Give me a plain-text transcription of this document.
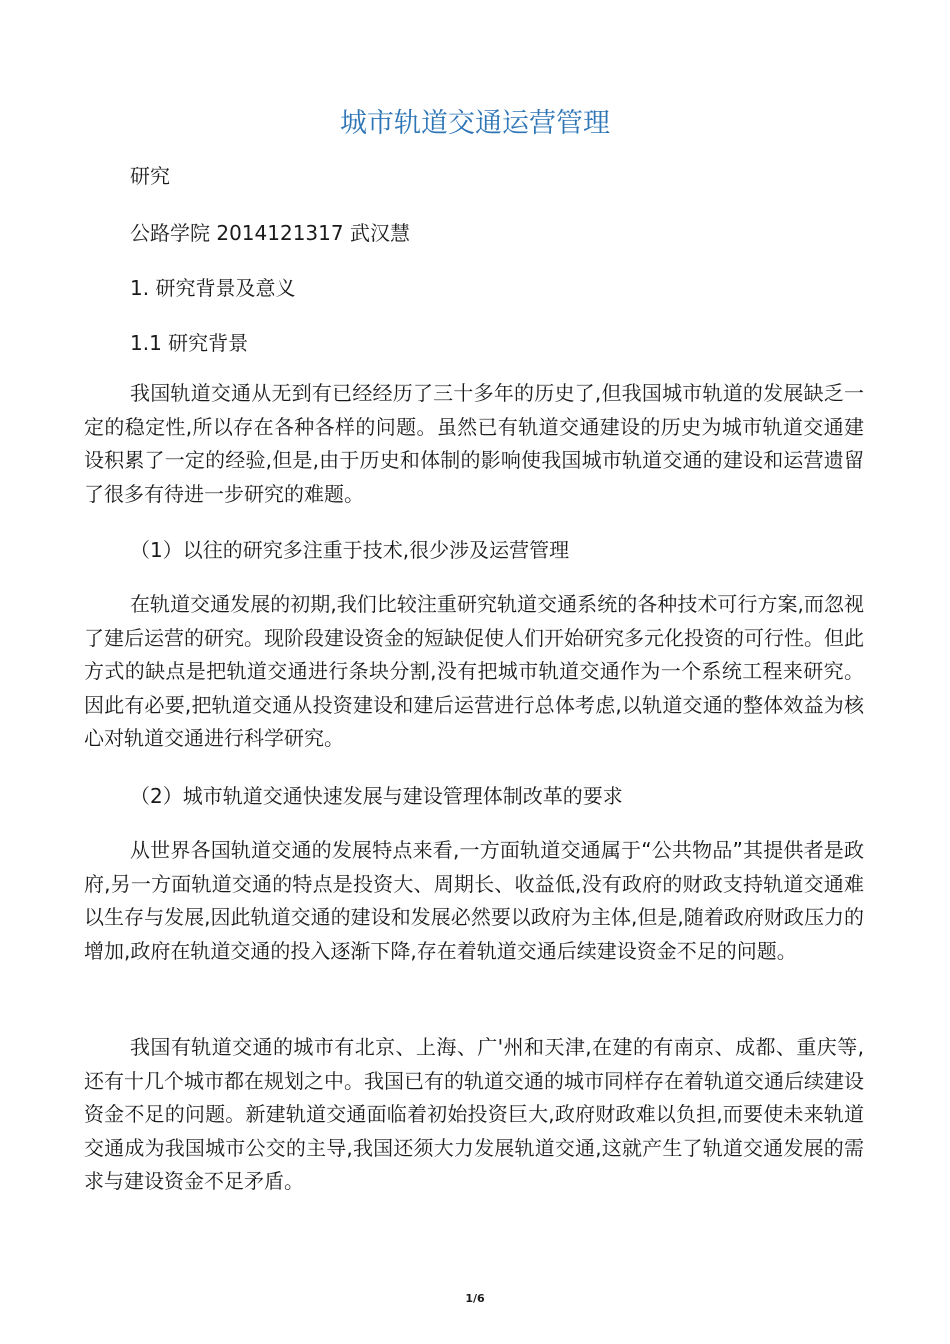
城市轨道交通运营管理

研究

公路学院 2014121317 武汉慧

1. 研究背景及意义

1.1 研究背景

我国轨道交通从无到有已经经历了三十多年的历史了,但我国城市轨道的发展缺乏一定的稳定性,所以存在各种各样的问题。虽然已有轨道交通建设的历史为城市轨道交通建设积累了一定的经验,但是,由于历史和体制的影响使我国城市轨道交通的建设和运营遗留了很多有待进一步研究的难题。

（1）以往的研究多注重于技术,很少涉及运营管理

在轨道交通发展的初期,我们比较注重研究轨道交通系统的各种技术可行方案,而忽视了建后运营的研究。现阶段建设资金的短缺促使人们开始研究多元化投资的可行性。但此方式的缺点是把轨道交通进行条块分割,没有把城市轨道交通作为一个系统工程来研究。因此有必要,把轨道交通从投资建设和建后运营进行总体考虑,以轨道交通的整体效益为核心对轨道交通进行科学研究。

（2）城市轨道交通快速发展与建设管理体制改革的要求

从世界各国轨道交通的发展特点来看,一方面轨道交通属于“公共物品”其提供者是政府,另一方面轨道交通的特点是投资大、周期长、收益低,没有政府的财政支持轨道交通难以生存与发展,因此轨道交通的建设和发展必然要以政府为主体,但是,随着政府财政压力的增加,政府在轨道交通的投入逐渐下降,存在着轨道交通后续建设资金不足的问题。

我国有轨道交通的城市有北京、上海、广'州和天津,在建的有南京、成都、重庆等,还有十几个城市都在规划之中。我国已有的轨道交通的城市同样存在着轨道交通后续建设资金不足的问题。新建轨道交通面临着初始投资巨大,政府财政难以负担,而要使未来轨道交通成为我国城市公交的主导,我国还须大力发展轨道交通,这就产生了轨道交通发展的需求与建设资金不足矛盾。

1/6
